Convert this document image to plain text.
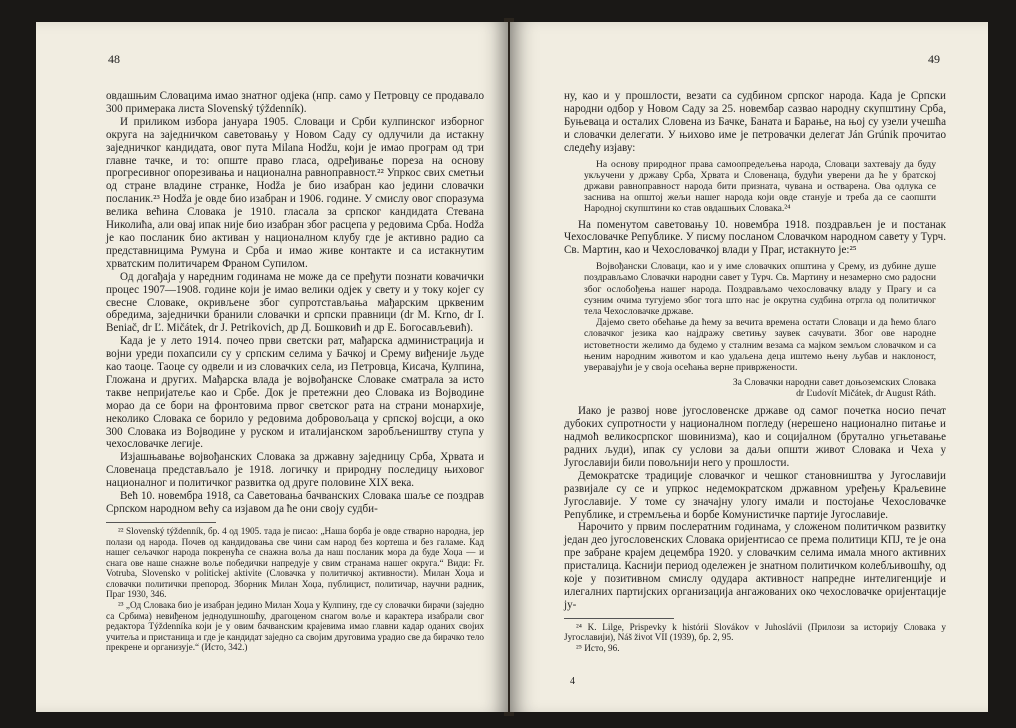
48

овдашњим Словацима имао знатног одјека (нпр. само у Петровцу се продавало 300 примерака листа Slovenský týždenník).

И приликом избора јануара 1905. Словаци и Срби кулпинског изборног округа на заједничком саветовању у Новом Саду су одлучили да истакну заједничког кандидата, овог пута Milana Hodžu, који је имао програм од три главне тачке, и то: опште право гласа, одређивање пореза на основу прогресивног опорезивања и национална равноправност.²² Упркос свих сметњи од стране владине странке, Hodža је био изабран као једини словачки посланик.²³ Hodža је овде био изабран и 1906. године. У смислу овог споразума велика већина Словака је 1910. гласала за српског кандидата Стевана Николића, али овај ипак није био изабран због расцепа у редовима Срба. Hodža је као посланик био активан у националном клубу где је активно радио са представницима Румуна и Срба и имао живе контакте и са истакнутим хрватским политичарем Франом Супилом.

Од догађаја у наредним годинама не може да се пређути познати ковачички процес 1907—1908. године који је имао велики одјек у свету и у току којег су свесне Словаке, окривљене због супротстављања мађарским црквеним обредима, заједнички бранили словачки и српски правници (dr M. Krno, dr I. Beniač, dr Ľ. Mičátek, dr J. Petrikovich, др Д. Бошковић и др Е. Богосављевић).

Када је у лето 1914. почео први светски рат, мађарска администрација и војни уреди похапсили су у српским селима у Бачкој и Срему виђеније људе као таоце. Таоце су одвели и из словачких села, из Петровца, Кисача, Кулпина, Гложана и других. Мађарска влада је војвођанске Словаке сматрала за исто такве непријатеље као и Србе. Док је претежни део Словака из Војводине морао да се бори на фронтовима првог светског рата на страни монархије, неколико Словака се борило у редовима добровољаца у српској војсци, а око 300 Словака из Војводине у руском и италијанском заробљеништву ступа у чехословачке легије.

Изјашњавање војвођанских Словака за државну заједницу Срба, Хрвата и Словенаца представљало је 1918. логичку и природну последицу њиховог националног и политичког развитка од друге половине XIX века.

Већ 10. новембра 1918, са Саветовања бачванских Словака шаље се поздрав Српском народном већу са изјавом да ће они своју судби-

²² Slovenský týždenník, бр. 4 од 1905. тада је писао: „Наша борба је овде стварно народна, јер полази од народа. Почев од кандидовања све чини сам народ без кортеша и без галаме. Кад нашег сељачког народа покренућа се снажна воља да наш посланик мора да буде Хоџа — и снага ове наше снажне воље победички напредује у свим странама нашег округа.“ Види: Fr. Votruba, Slovensko v politickej aktivite (Словачка у политичкој активности). Милан Хоџа и словачки политички препород. Зборник Милан Хоџа, публицист, политичар, научни радник, Праг 1930, 346.

²³ „Од Словака био је изабран једино Милан Хоџа у Кулпину, где су словачки бирачи (заједно са Србима) невиђеном једнодушношћу, драгоценом снагом воље и карактера изабрали свог редактора Týždenníka који је у овим бачванским крајевима имао главни кадар оданих својих учитеља и пристаница и где је кандидат заједно са својим друговима урадио све да бирачко тело прекрене и организује.“ (Исто, 342.)

49

ну, као и у прошлости, везати са судбином српског народа. Када је Српски народни одбор у Новом Саду за 25. новембар сазвао народну скупштину Срба, Буњеваца и осталих Словена из Бачке, Баната и Барање, на њој су узели учешћа и словачки делегати. У њихово име је петровачки делегат Ján Grúnik прочитао следећу изјаву:

На основу природног права самоопредељења народа, Словаци захтевају да буду укључени у државу Срба, Хрвата и Словенаца, будући уверени да ће у братској држави равноправност народа бити призната, чувана и остварена. Ова одлука се заснива на општој жељи нашег народа који овде станује и треба да се саопшти Народној скупштини ко став овдашњих Словака.²⁴

На поменутом саветовању 10. новембра 1918. поздрављен је и постанак Чехословачке Републике. У писму посланом Словачком народном савету у Турч. Св. Мартин, као и Чехословачкој влади у Праг, истакнуто је:²⁵

Војвођански Словаци, као и у име словачких општина у Срему, из дубине душе поздрављамо Словачки народни савет у Турч. Св. Мартину и незамерно смо радосни због ослобођења нашег народа. Поздрављамо чехословачку владу у Прагу и са сузним очима тугујемо због тога што нас је окрутна судбина отргла од политичког тела Чехословачке државе.

Дајемо свето обећање да ћему за вечита времена остати Словаци и да ћемо благо словачког језика као најдражу светињу заувек сачувати. Због ове народне истоветности желимо да будемо у сталним везама са мајком земљом словачком и са њеним народним животом и као удаљена деца иштемо њену љубав и наклоност, уверавајући је у своја осећања верне привржености.

За Словачки народни савет доњоземских Словака
dr Ľudovít Mičátek, dr August Ráth.

Иако је развој нове југословенске државе од самог почетка носио печат дубоких супротности у националном погледу (нерешено национално питање и надмоћ великосрпског шовинизма), као и социјалном (брутално угњетавање радних људи), ипак су услови за даљи општи живот Словака и Чеха у Југославији били повољнији него у прошлости.

Демократске традиције словачког и чешког становништва у Југославији развијале су се и упркос недемократском државном уређењу Краљевине Југославије. У томе су значајну улогу имали и постојање Чехословачке Републике, и стремљења и борбе Комунистичке партије Југославије.

Нарочито у првим послератним годинама, у сложеном политичком развитку један део југословенских Словака оријентисао се према политици КПЈ, те је она пре забране крајем децембра 1920. у словачким селима имала много активних присталица. Касниjи период одележен је знатном политичком колебљивошћу, од које у позитивном смислу одудара активност напредне интелигенције и илегалних партијских организација ангажованих око чехословачке оријентације ју-

²⁴ K. Lilge, Prispevky k histórii Slovákov v Juhoslávii (Прилози за историју Словака у Југославији), Náš život VII (1939), бр. 2, 95.

²⁵ Исто, 96.

4
